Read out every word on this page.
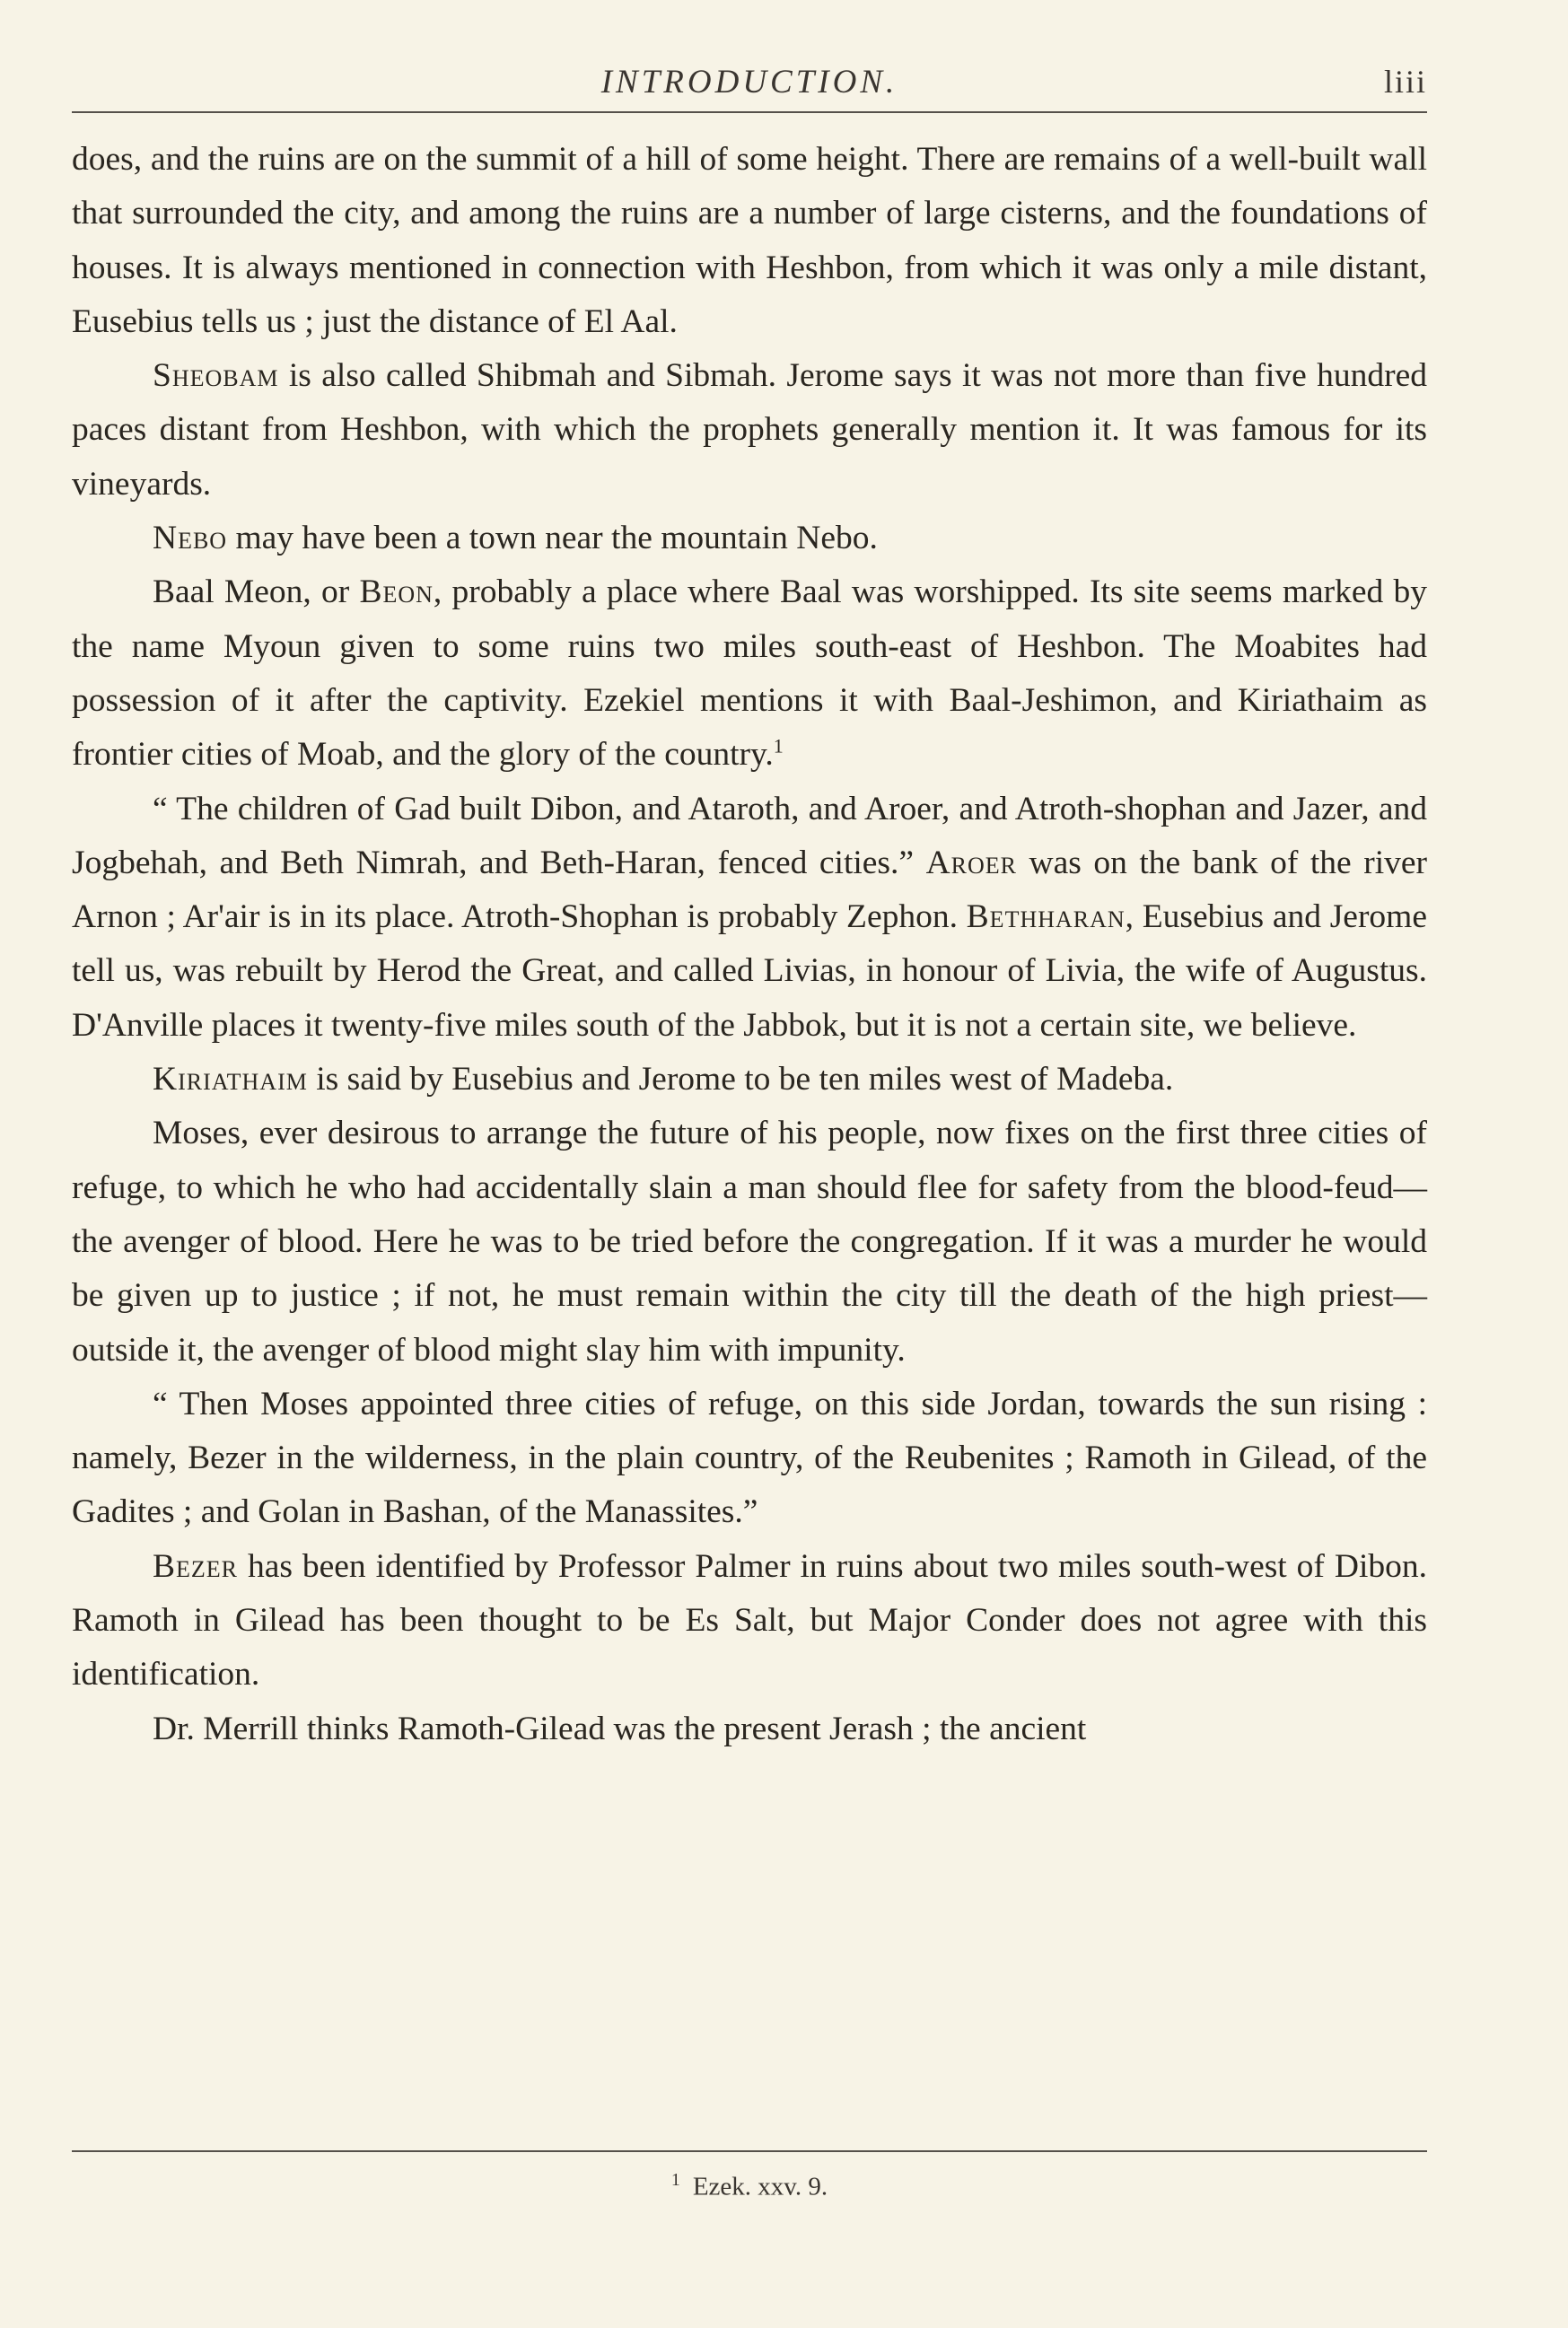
INTRODUCTION.	liii

does, and the ruins are on the summit of a hill of some height. There are remains of a well-built wall that surrounded the city, and among the ruins are a number of large cisterns, and the foundations of houses. It is always mentioned in connection with Heshbon, from which it was only a mile distant, Eusebius tells us ; just the distance of El Aal.

Sheobam is also called Shibmah and Sibmah. Jerome says it was not more than five hundred paces distant from Heshbon, with which the prophets generally mention it. It was famous for its vineyards.

Nebo may have been a town near the mountain Nebo.

Baal Meon, or Beon, probably a place where Baal was worshipped. Its site seems marked by the name Myoun given to some ruins two miles south-east of Heshbon. The Moabites had possession of it after the captivity. Ezekiel mentions it with Baal-Jeshimon, and Kiriathaim as frontier cities of Moab, and the glory of the country.$^1$

“ The children of Gad built Dibon, and Ataroth, and Aroer, and Atroth-shophan and Jazer, and Jogbehah, and Beth Nimrah, and Beth-Haran, fenced cities.” Aroer was on the bank of the river Arnon ; Ar'air is in its place. Atroth-Shophan is probably Zephon. Bethharan, Eusebius and Jerome tell us, was rebuilt by Herod the Great, and called Livias, in honour of Livia, the wife of Augustus. D'Anville places it twenty-five miles south of the Jabbok, but it is not a certain site, we believe.

Kiriathaim is said by Eusebius and Jerome to be ten miles west of Madeba.

Moses, ever desirous to arrange the future of his people, now fixes on the first three cities of refuge, to which he who had accidentally slain a man should flee for safety from the blood-feud—the avenger of blood. Here he was to be tried before the congregation. If it was a murder he would be given up to justice ; if not, he must remain within the city till the death of the high priest—outside it, the avenger of blood might slay him with impunity.

“ Then Moses appointed three cities of refuge, on this side Jordan, towards the sun rising : namely, Bezer in the wilderness, in the plain country, of the Reubenites ; Ramoth in Gilead, of the Gadites ; and Golan in Bashan, of the Manassites.”

Bezer has been identified by Professor Palmer in ruins about two miles south-west of Dibon. Ramoth in Gilead has been thought to be Es Salt, but Major Conder does not agree with this identification.

Dr. Merrill thinks Ramoth-Gilead was the present Jerash ; the ancient

$^1$ Ezek. xxv. 9.
